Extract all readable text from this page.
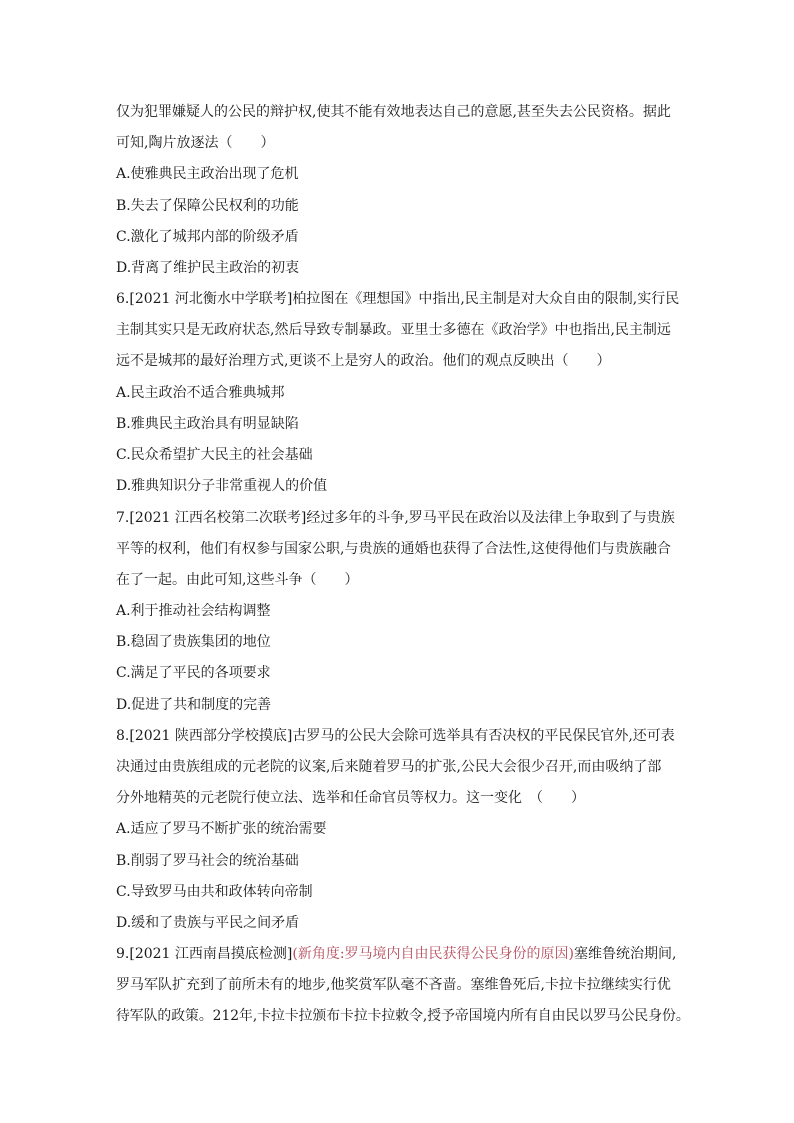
仅为犯罪嫌疑人的公民的辩护权,使其不能有效地表达自己的意愿,甚至失去公民资格。据此
可知,陶片放逐法（　　）
A.使雅典民主政治出现了危机
B.失去了保障公民权利的功能
C.激化了城邦内部的阶级矛盾
D.背离了维护民主政治的初衷
6.[2021 河北衡水中学联考]柏拉图在《理想国》中指出,民主制是对大众自由的限制,实行民
主制其实只是无政府状态,然后导致专制暴政。亚里士多德在《政治学》中也指出,民主制远
远不是城邦的最好治理方式,更谈不上是穷人的政治。他们的观点反映出（　　）
A.民主政治不适合雅典城邦
B.雅典民主政治具有明显缺陷
C.民众希望扩大民主的社会基础
D.雅典知识分子非常重视人的价值
7.[2021 江西名校第二次联考]经过多年的斗争,罗马平民在政治以及法律上争取到了与贵族
平等的权利，他们有权参与国家公职,与贵族的通婚也获得了合法性,这使得他们与贵族融合
在了一起。由此可知,这些斗争（　　）
A.利于推动社会结构调整
B.稳固了贵族集团的地位
C.满足了平民的各项要求
D.促进了共和制度的完善
8.[2021 陕西部分学校摸底]古罗马的公民大会除可选举具有否决权的平民保民官外,还可表
决通过由贵族组成的元老院的议案,后来随着罗马的扩张,公民大会很少召开,而由吸纳了部
分外地精英的元老院行使立法、选举和任命官员等权力。这一变化　（　　）
A.适应了罗马不断扩张的统治需要
B.削弱了罗马社会的统治基础
C.导致罗马由共和政体转向帝制
D.缓和了贵族与平民之间矛盾
9.[2021 江西南昌摸底检测](新角度:罗马境内自由民获得公民身份的原因)塞维鲁统治期间,
罗马军队扩充到了前所未有的地步,他奖赏军队毫不吝啬。塞维鲁死后,卡拉卡拉继续实行优
待军队的政策。212年,卡拉卡拉颁布卡拉卡拉敕令,授予帝国境内所有自由民以罗马公民身份。
